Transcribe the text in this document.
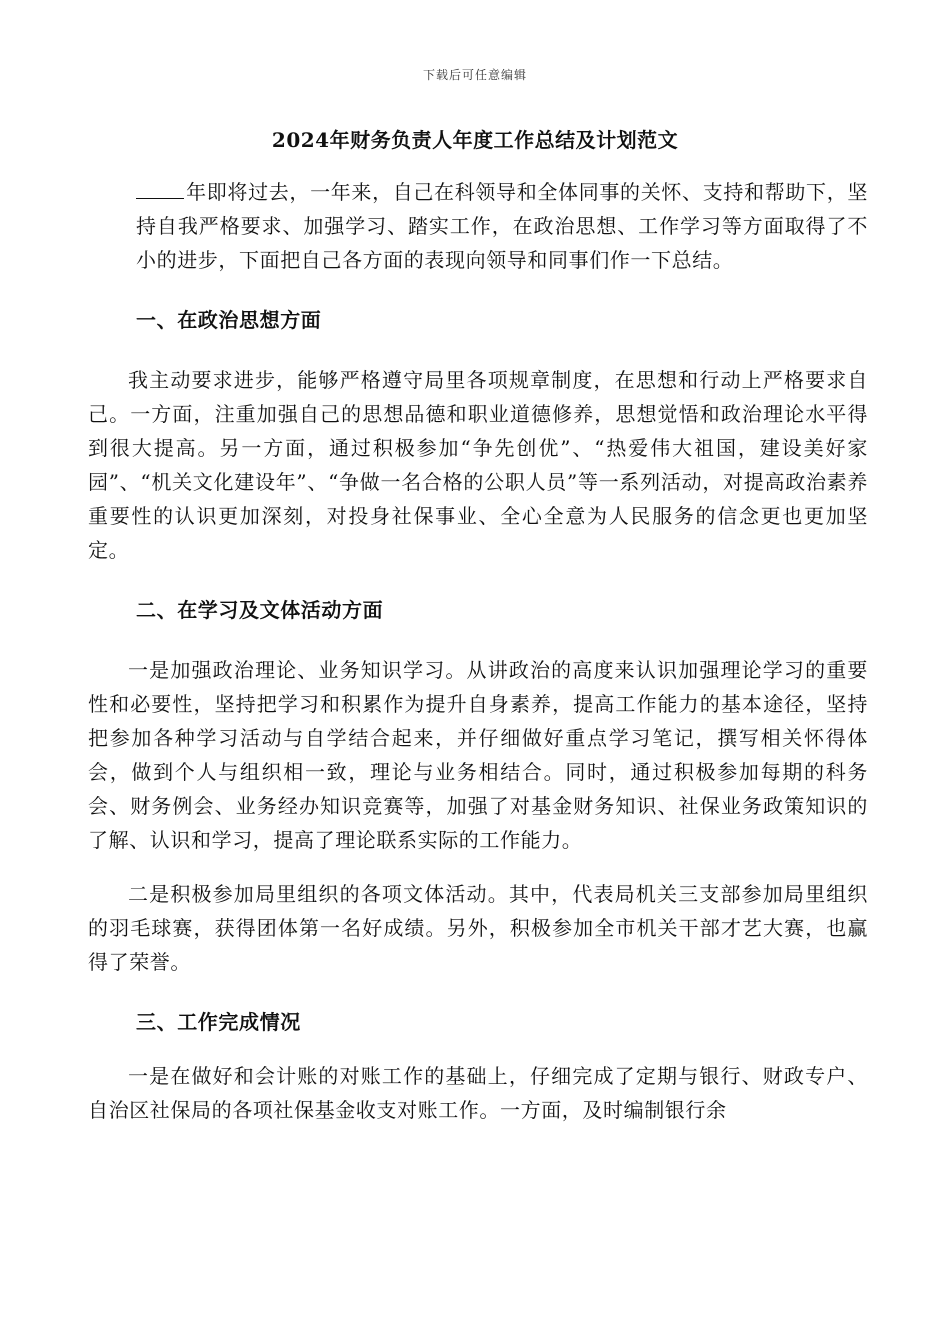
下载后可任意编辑
2024年财务负责人年度工作总结及计划范文

年即将过去，一年来，自己在科领导和全体同事的关怀、支持和帮助下，坚持自我严格要求、加强学习、踏实工作，在政治思想、工作学习等方面取得了不小的进步，下面把自己各方面的表现向领导和同事们作一下总结。

一、在政治思想方面

我主动要求进步，能够严格遵守局里各项规章制度，在思想和行动上严格要求自己。一方面，注重加强自己的思想品德和职业道德修养，思想觉悟和政治理论水平得到很大提高。另一方面，通过积极参加“争先创优”、“热爱伟大祖国，建设美好家园”、“机关文化建设年”、“争做一名合格的公职人员”等一系列活动，对提高政治素养重要性的认识更加深刻，对投身社保事业、全心全意为人民服务的信念更也更加坚定。

二、在学习及文体活动方面

一是加强政治理论、业务知识学习。从讲政治的高度来认识加强理论学习的重要性和必要性，坚持把学习和积累作为提升自身素养，提高工作能力的基本途径，坚持把参加各种学习活动与自学结合起来，并仔细做好重点学习笔记，撰写相关怀得体会，做到个人与组织相一致，理论与业务相结合。同时，通过积极参加每期的科务会、财务例会、业务经办知识竞赛等，加强了对基金财务知识、社保业务政策知识的了解、认识和学习，提高了理论联系实际的工作能力。

二是积极参加局里组织的各项文体活动。其中，代表局机关三支部参加局里组织的羽毛球赛，获得团体第一名好成绩。另外，积极参加全市机关干部才艺大赛，也赢得了荣誉。

三、工作完成情况

一是在做好和会计账的对账工作的基础上，仔细完成了定期与银行、财政专户、自治区社保局的各项社保基金收支对账工作。一方面，及时编制银行余
